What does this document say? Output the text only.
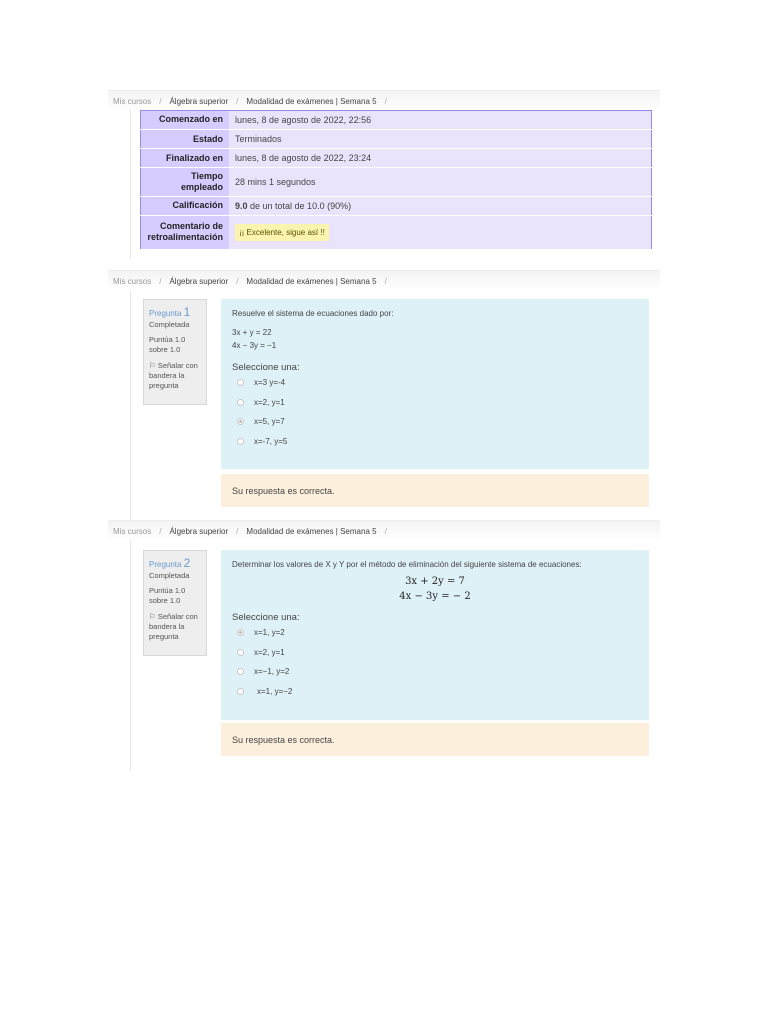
Mis cursos	/	Álgebra superior	/	Modalidad de exámenes | Semana 5	/
Comenzado en	lunes, 8 de agosto de 2022, 22:56
Estado	Terminados
Finalizado en	lunes, 8 de agosto de 2022, 23:24
Tiempo empleado	28 mins 1 segundos
Calificación	9.0 de un total de 10.0 (90%)
Comentario de retroalimentación	¡¡ Excelente, sigue así !!
Mis cursos	/	Álgebra superior	/	Modalidad de exámenes | Semana 5	/
Pregunta 1
Completada
Puntúa 1.0 sobre 1.0
⚐ Señalar con bandera la pregunta
Resuelve el sistema de ecuaciones dado por:
3x + y = 22
4x − 3y = −1
Seleccione una:
x=3 y=-4
x=2, y=1
x=5, y=7
x=-7, y=5
Su respuesta es correcta.
Mis cursos	/	Álgebra superior	/	Modalidad de exámenes | Semana 5	/
Pregunta 2
Completada
Puntúa 1.0 sobre 1.0
⚐ Señalar con bandera la pregunta
Determinar los valores de X y Y por el método de eliminación del siguiente sistema de ecuaciones:
3x + 2y = 7
4x − 3y = − 2
Seleccione una:
x=1, y=2
x=2, y=1
x=−1, y=2
x=1, y=−2
Su respuesta es correcta.
